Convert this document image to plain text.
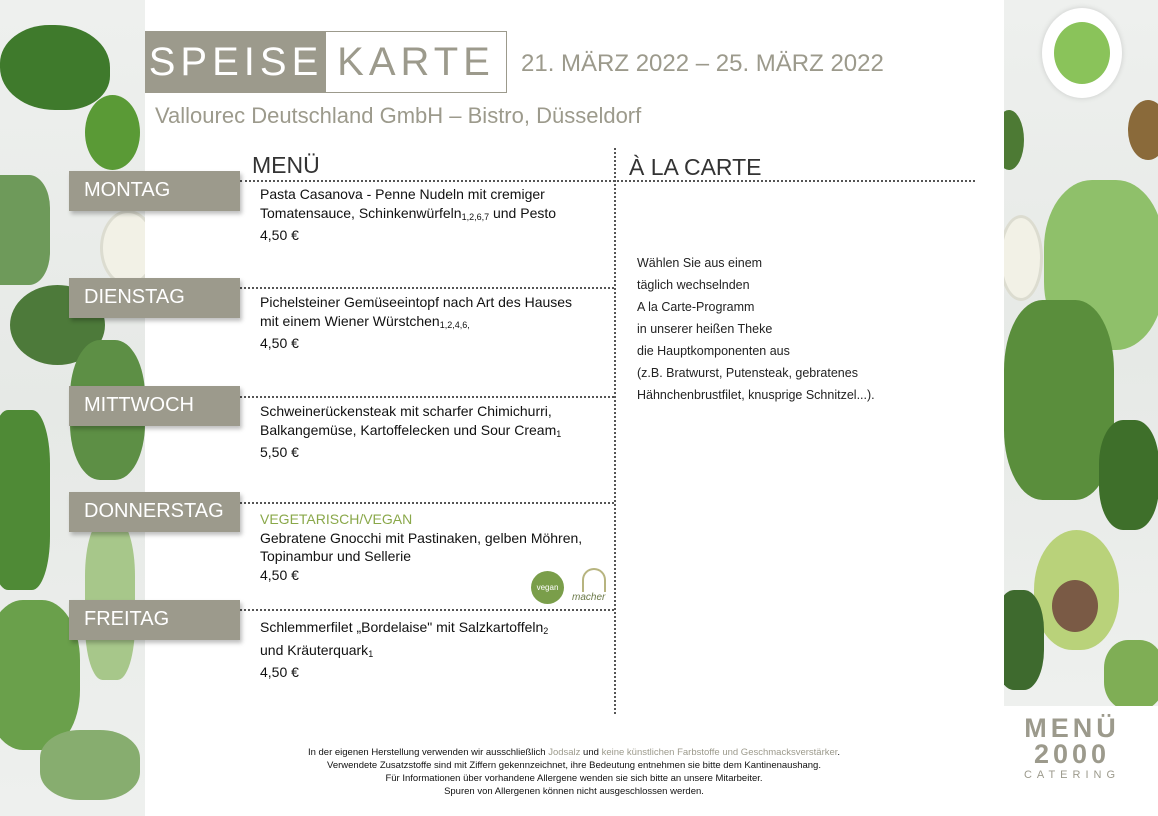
SPEISE KARTE	21. MÄRZ 2022 – 25. MÄRZ 2022
Vallourec Deutschland GmbH – Bistro, Düsseldorf
MENÜ	À LA CARTE
MONTAG
DIENSTAG
MITTWOCH
DONNERSTAG
FREITAG
Pasta Casanova - Penne Nudeln mit cremiger
Tomatensauce, Schinkenwürfeln$_{1,2,6,7}$ und Pesto
4,50 €
Pichelsteiner Gemüseeintopf nach Art des Hauses
mit einem Wiener Würstchen$_{1,2,4,6,}$
4,50 €
Schweinerückensteak mit scharfer Chimichurri,
Balkangemüse, Kartoffelecken und Sour Cream$_1$
5,50 €
VEGETARISCH/VEGAN
Gebratene Gnocchi mit Pastinaken, gelben Möhren,
Topinambur und Sellerie
4,50 €
Schlemmerfilet „Bordelaise" mit Salzkartoffeln$_2$
und Kräuterquark$_1$
4,50 €
vegan
macher
Wählen Sie aus einem
täglich wechselnden
A la Carte-Programm
in unserer heißen Theke
die Hauptkomponenten aus
(z.B. Bratwurst, Putensteak, gebratenes
Hähnchenbrustfilet, knusprige Schnitzel...).
In der eigenen Herstellung verwenden wir ausschließlich Jodsalz und keine künstlichen Farbstoffe und Geschmacksverstärker.
Verwendete Zusatzstoffe sind mit Ziffern gekennzeichnet, ihre Bedeutung entnehmen sie bitte dem Kantinenaushang.
Für Informationen über vorhandene Allergene wenden sie sich bitte an unsere Mitarbeiter.
Spuren von Allergenen können nicht ausgeschlossen werden.
MENÜ
2000
CATERING
